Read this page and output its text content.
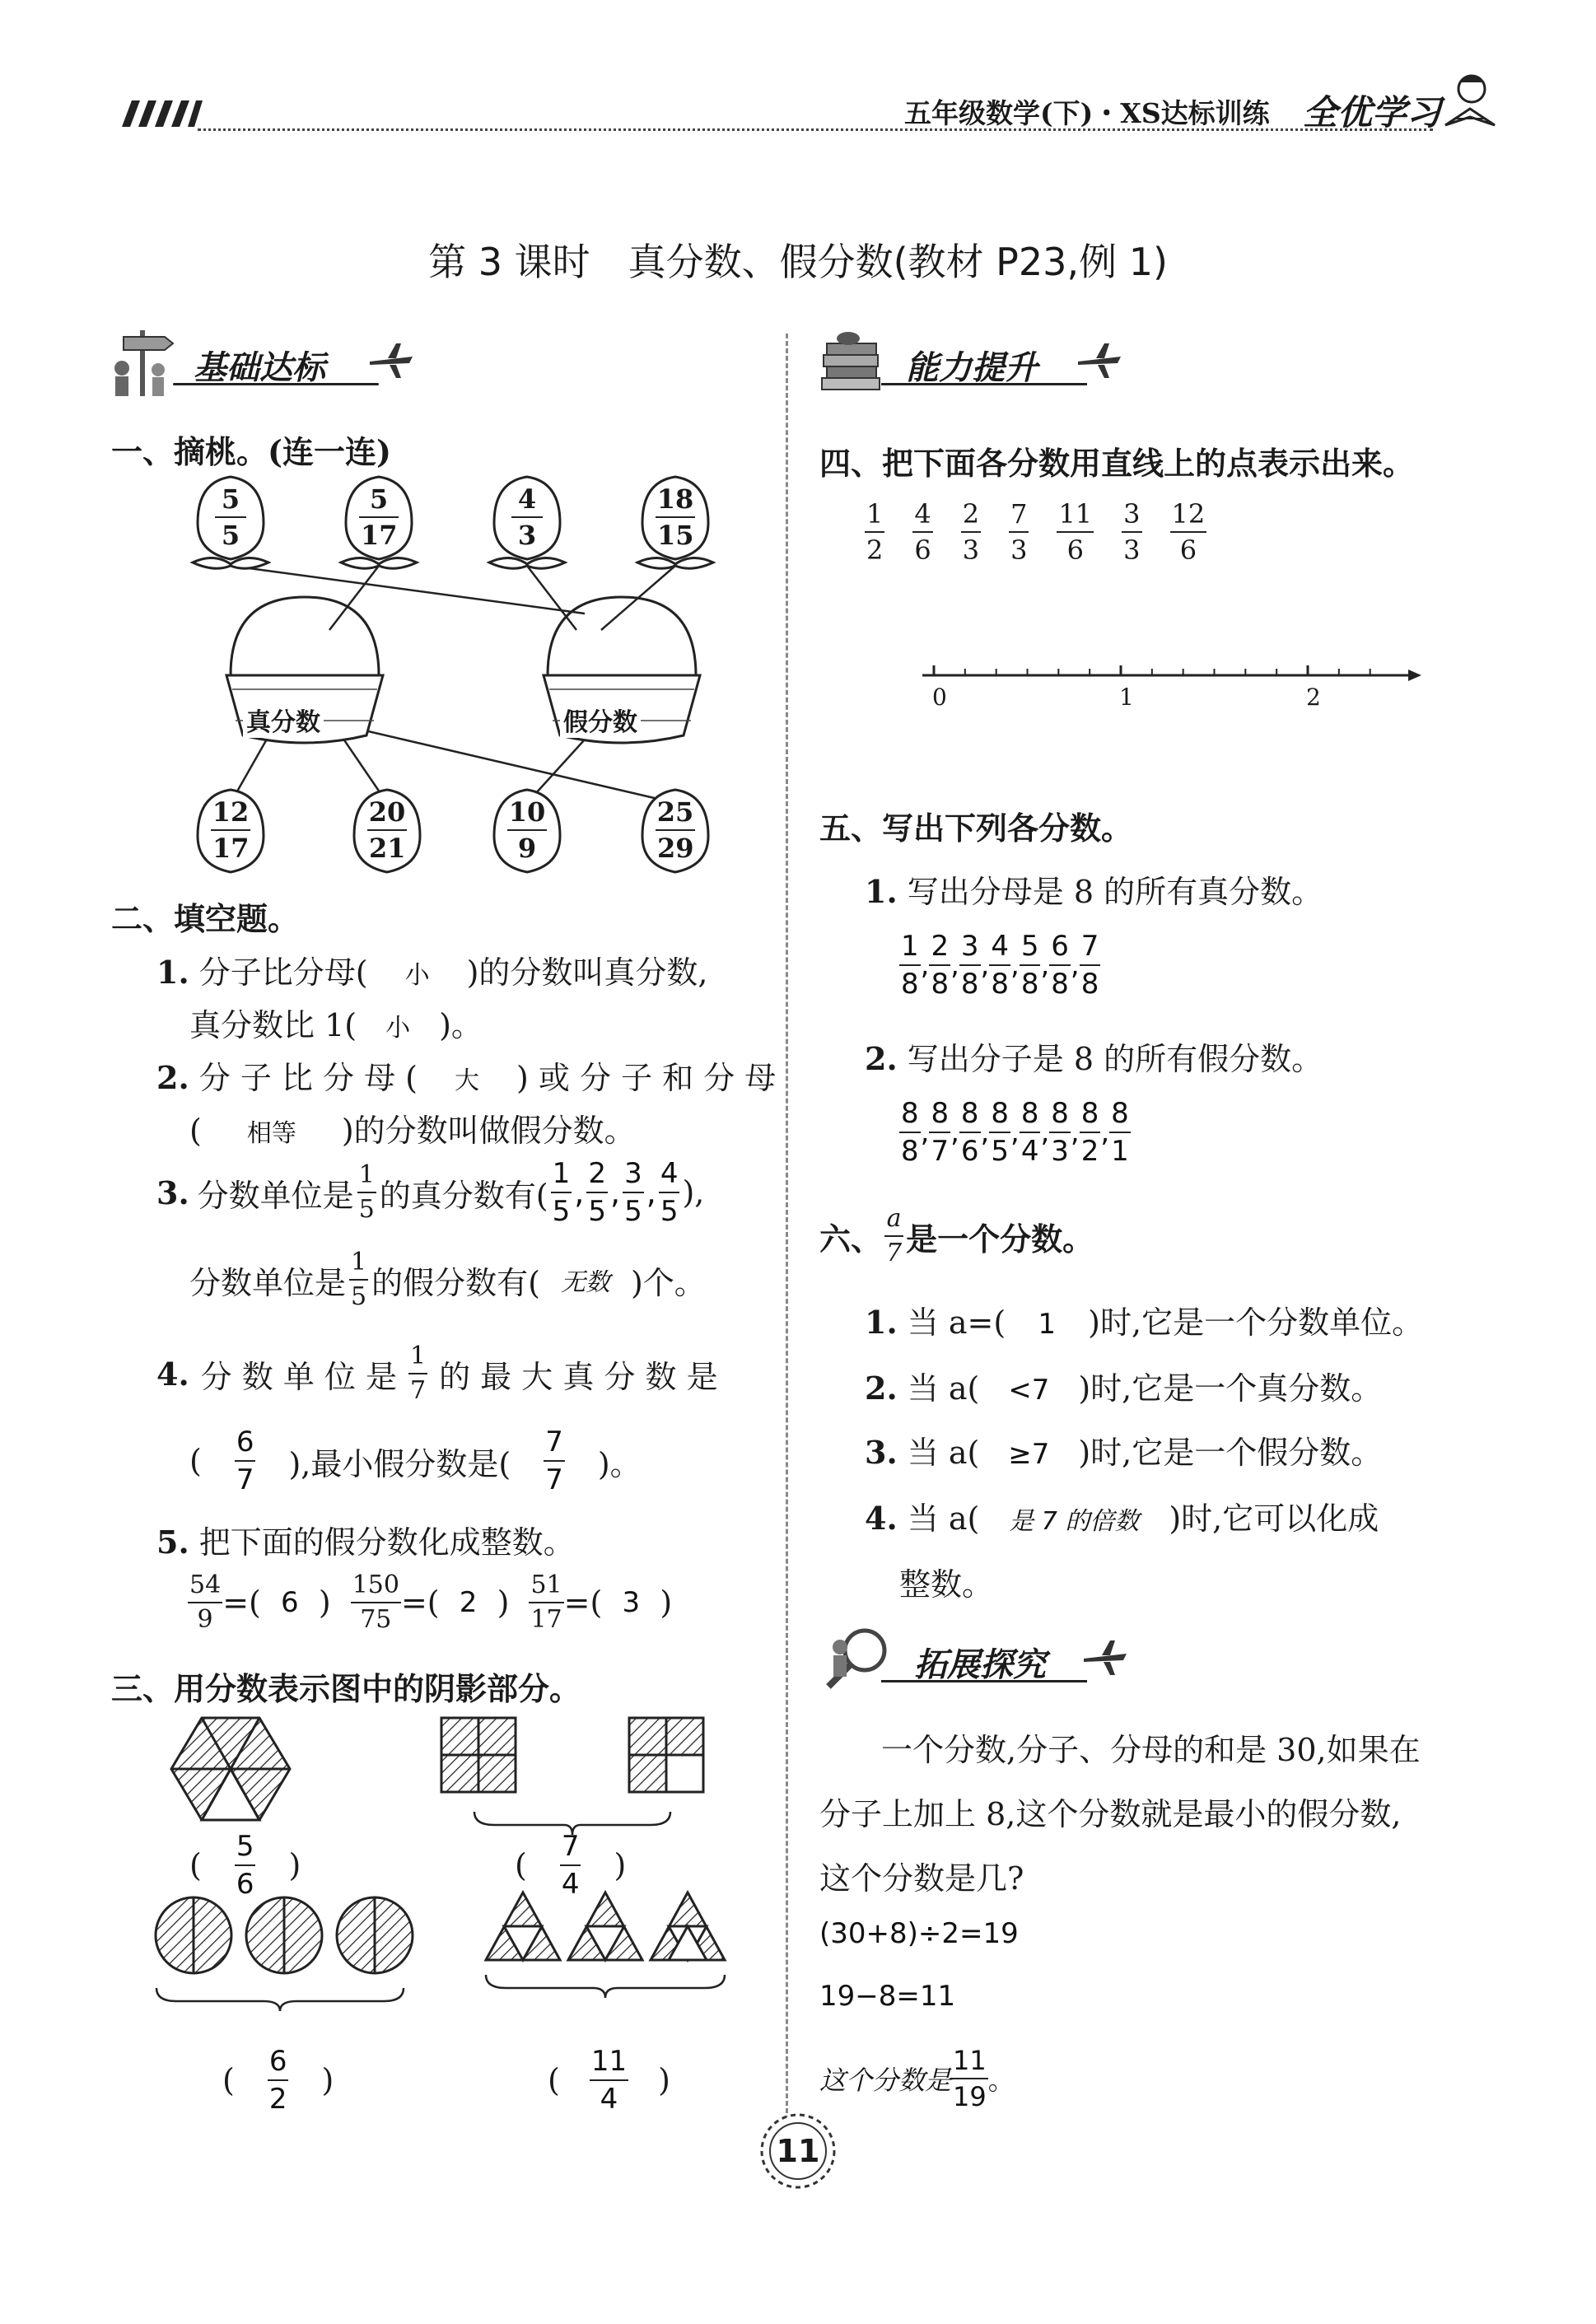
五年级数学(下)・XS达标训练 全优学习
第 3 课时　真分数、假分数(教材 P23,例 1)
基础达标
一、摘桃。(连一连)
5
5
5
17
4
3
18
15
真分数	假分数
12
17
20
21
10
9
25
29
二、填空题。
1. 分子比分母( 小 )的分数叫真分数,
真分数比 1( 小 )。
2. 分 子 比 分 母 ( 大 ) 或 分 子 和 分 母
( 相等 )的分数叫做假分数。
3. 分数单位是
1
5 的真分数有(
1
5
,
2
5
,
3
5
,
4
5
),
分数单位是
1
5 的假分数有( 无数 )个。
4. 分 数 单 位 是
1
7 的 最 大 真 分 数 是
(
6
7 ),最小假分数是(
7
7 )。
5. 把下面的假分数化成整数。
$\frac{54}{9}$ =( 6 ) $\frac{150}{75}$ =( 2 ) $\frac{51}{17}$ =( 3 )
三、用分数表示图中的阴影部分。
(
5
6
)	(
7
4
)
(
6
2
)	(
11
4
)
能力提升
四、把下面各分数用直线上的点表示出来。
1
2
4
6
2
3
7
3
11
6
3
3
12
6
0	1	2
五、写出下列各分数。
1. 写出分母是 8 的所有真分数。
1
8
,
2
8
,
3
8
,
4
8
,
5
8
,
6
8
,
7
8
2. 写出分子是 8 的所有假分数。
8
8
,
8
7
,
8
6
,
8
5
,
8
4
,
8
3
,
8
2
,
8
1
六、
a
7 是一个分数。
1. 当 a=( 1 )时,它是一个分数单位。
2. 当 a( <7 )时,它是一个真分数。
3. 当 a( ≥7 )时,它是一个假分数。
4. 当 a( 是 7 的倍数 )时,它可以化成
整数。
拓展探究
一个分数,分子、分母的和是 30,如果在
分子上加上 8,这个分数就是最小的假分数,
这个分数是几?
(30+8)÷2=19
19−8=11
这个分数是
11
19
。
11
